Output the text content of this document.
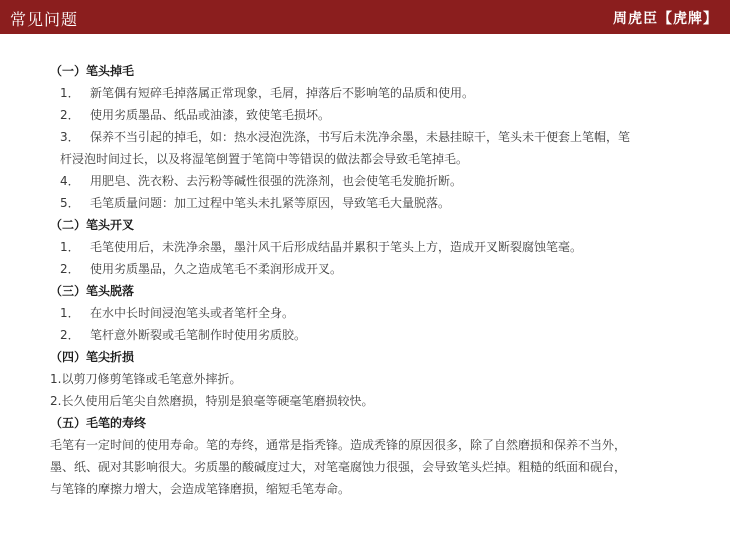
常见问题	周虎臣【虎牌】
（一）笔头掉毛
1． 新笔偶有短碎毛掉落属正常现象，毛屑，掉落后不影响笔的品质和使用。
2． 使用劣质墨品、纸品或油漆，致使笔毛损坏。
3． 保养不当引起的掉毛，如：热水浸泡洗涤，书写后未洗净余墨，未悬挂晾干，笔头未干便套上笔帽，笔
杆浸泡时间过长，以及将湿笔倒置于笔筒中等错误的做法都会导致毛笔掉毛。
4． 用肥皂、洗衣粉、去污粉等碱性很强的洗涤剂，也会使笔毛发脆折断。
5． 毛笔质量问题：加工过程中笔头未扎紧等原因，导致笔毛大量脱落。
（二）笔头开叉
1． 毛笔使用后，未洗净余墨，墨汁风干后形成结晶并累积于笔头上方，造成开叉断裂腐蚀笔毫。
2． 使用劣质墨品，久之造成笔毛不柔润形成开叉。
（三）笔头脱落
1． 在水中长时间浸泡笔头或者笔杆全身。
2． 笔杆意外断裂或毛笔制作时使用劣质胶。
（四）笔尖折损
1.以剪刀修剪笔锋或毛笔意外摔折。
2.长久使用后笔尖自然磨损，特别是狼毫等硬毫笔磨损较快。
（五）毛笔的寿终
毛笔有一定时间的使用寿命。笔的寿终，通常是指秃锋。造成秃锋的原因很多，除了自然磨损和保养不当外，
墨、纸、砚对其影响很大。劣质墨的酸碱度过大，对笔毫腐蚀力很强，会导致笔头烂掉。粗糙的纸面和砚台，
与笔锋的摩擦力增大，会造成笔锋磨损，缩短毛笔寿命。
